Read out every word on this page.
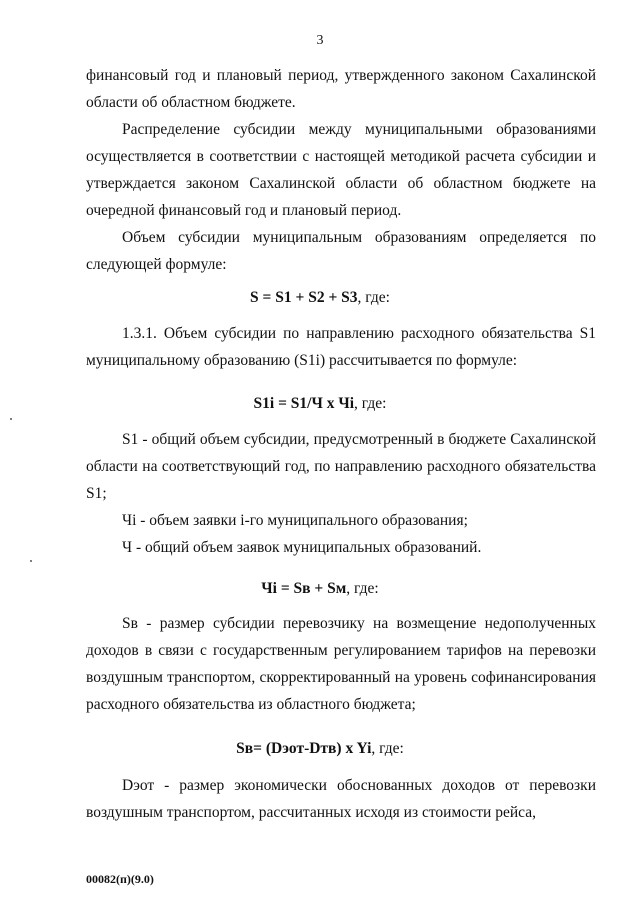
3
финансовый год и плановый период, утвержденного законом Сахалинской области об областном бюджете.
Распределение субсидии между муниципальными образованиями осуществляется в соответствии с настоящей методикой расчета субсидии и утверждается законом Сахалинской области об областном бюджете на очередной финансовый год и плановый период.
Объем субсидии муниципальным образованиям определяется по следующей формуле:
S = S1 + S2 + S3, где:
1.3.1. Объем субсидии по направлению расходного обязательства S1 муниципальному образованию (S1i) рассчитывается по формуле:
S1i = S1/Ч x Чi, где:
S1 - общий объем субсидии, предусмотренный в бюджете Сахалинской области на соответствующий год, по направлению расходного обязательства S1;
Чi - объем заявки i-го муниципального образования;
Ч - общий объем заявок муниципальных образований.
Чi = Sв + Sм, где:
Sв - размер субсидии перевозчику на возмещение недополученных доходов в связи с государственным регулированием тарифов на перевозки воздушным транспортом, скорректированный на уровень софинансирования расходного обязательства из областного бюджета;
Sв= (Dэот-Dтв) x Yi, где:
Dэот - размер экономически обоснованных доходов от перевозки воздушным транспортом, рассчитанных исходя из стоимости рейса,
00082(п)(9.0)
